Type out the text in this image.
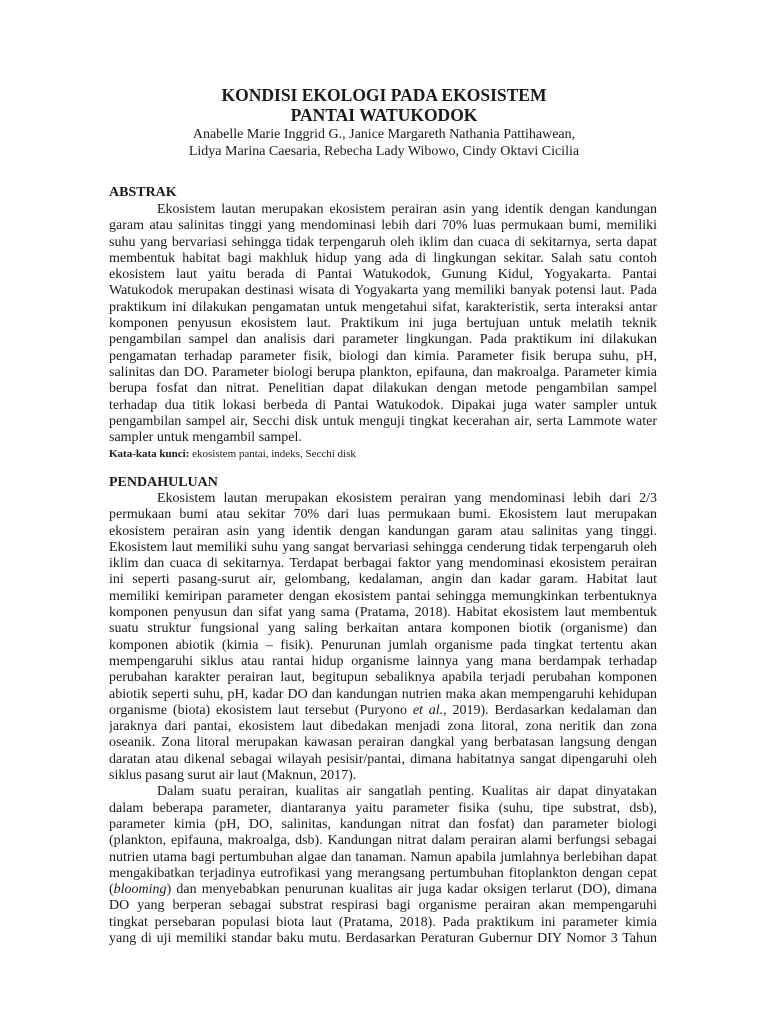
KONDISI EKOLOGI PADA EKOSISTEM
PANTAI WATUKODOK
Anabelle Marie Inggrid G., Janice Margareth Nathania Pattihawean,
Lidya Marina Caesaria, Rebecha Lady Wibowo, Cindy Oktavi Cicilia
ABSTRAK
Ekosistem lautan merupakan ekosistem perairan asin yang identik dengan kandungan
garam atau salinitas tinggi yang mendominasi lebih dari 70% luas permukaan bumi, memiliki
suhu yang bervariasi sehingga tidak terpengaruh oleh iklim dan cuaca di sekitarnya, serta dapat
membentuk habitat bagi makhluk hidup yang ada di lingkungan sekitar. Salah satu contoh
ekosistem laut yaitu berada di Pantai Watukodok, Gunung Kidul, Yogyakarta. Pantai
Watukodok merupakan destinasi wisata di Yogyakarta yang memiliki banyak potensi laut. Pada
praktikum ini dilakukan pengamatan untuk mengetahui sifat, karakteristik, serta interaksi antar
komponen penyusun ekosistem laut. Praktikum ini juga bertujuan untuk melatih teknik
pengambilan sampel dan analisis dari parameter lingkungan. Pada praktikum ini dilakukan
pengamatan terhadap parameter fisik, biologi dan kimia. Parameter fisik berupa suhu, pH,
salinitas dan DO. Parameter biologi berupa plankton, epifauna, dan makroalga. Parameter kimia
berupa fosfat dan nitrat. Penelitian dapat dilakukan dengan metode pengambilan sampel
terhadap dua titik lokasi berbeda di Pantai Watukodok. Dipakai juga water sampler untuk
pengambilan sampel air, Secchi disk untuk menguji tingkat kecerahan air, serta Lammote water
sampler untuk mengambil sampel.
Kata-kata kunci: ekosistem pantai, indeks, Secchi disk
PENDAHULUAN
Ekosistem lautan merupakan ekosistem perairan yang mendominasi lebih dari 2/3
permukaan bumi atau sekitar 70% dari luas permukaan bumi. Ekosistem laut merupakan
ekosistem perairan asin yang identik dengan kandungan garam atau salinitas yang tinggi.
Ekosistem laut memiliki suhu yang sangat bervariasi sehingga cenderung tidak terpengaruh oleh
iklim dan cuaca di sekitarnya. Terdapat berbagai faktor yang mendominasi ekosistem perairan
ini seperti pasang-surut air, gelombang, kedalaman, angin dan kadar garam. Habitat laut
memiliki kemiripan parameter dengan ekosistem pantai sehingga memungkinkan terbentuknya
komponen penyusun dan sifat yang sama (Pratama, 2018). Habitat ekosistem laut membentuk
suatu struktur fungsional yang saling berkaitan antara komponen biotik (organisme) dan
komponen abiotik (kimia – fisik). Penurunan jumlah organisme pada tingkat tertentu akan
mempengaruhi siklus atau rantai hidup organisme lainnya yang mana berdampak terhadap
perubahan karakter perairan laut, begitupun sebaliknya apabila terjadi perubahan komponen
abiotik seperti suhu, pH, kadar DO dan kandungan nutrien maka akan mempengaruhi kehidupan
organisme (biota) ekosistem laut tersebut (Puryono et al., 2019). Berdasarkan kedalaman dan
jaraknya dari pantai, ekosistem laut dibedakan menjadi zona litoral, zona neritik dan zona
oseanik. Zona litoral merupakan kawasan perairan dangkal yang berbatasan langsung dengan
daratan atau dikenal sebagai wilayah pesisir/pantai, dimana habitatnya sangat dipengaruhi oleh
siklus pasang surut air laut (Maknun, 2017).
Dalam suatu perairan, kualitas air sangatlah penting. Kualitas air dapat dinyatakan
dalam beberapa parameter, diantaranya yaitu parameter fisika (suhu, tipe substrat, dsb),
parameter kimia (pH, DO, salinitas, kandungan nitrat dan fosfat) dan parameter biologi
(plankton, epifauna, makroalga, dsb). Kandungan nitrat dalam perairan alami berfungsi sebagai
nutrien utama bagi pertumbuhan algae dan tanaman. Namun apabila jumlahnya berlebihan dapat
mengakibatkan terjadinya eutrofikasi yang merangsang pertumbuhan fitoplankton dengan cepat
(blooming) dan menyebabkan penurunan kualitas air juga kadar oksigen terlarut (DO), dimana
DO yang berperan sebagai substrat respirasi bagi organisme perairan akan mempengaruhi
tingkat persebaran populasi biota laut (Pratama, 2018). Pada praktikum ini parameter kimia
yang di uji memiliki standar baku mutu. Berdasarkan Peraturan Gubernur DIY Nomor 3 Tahun
